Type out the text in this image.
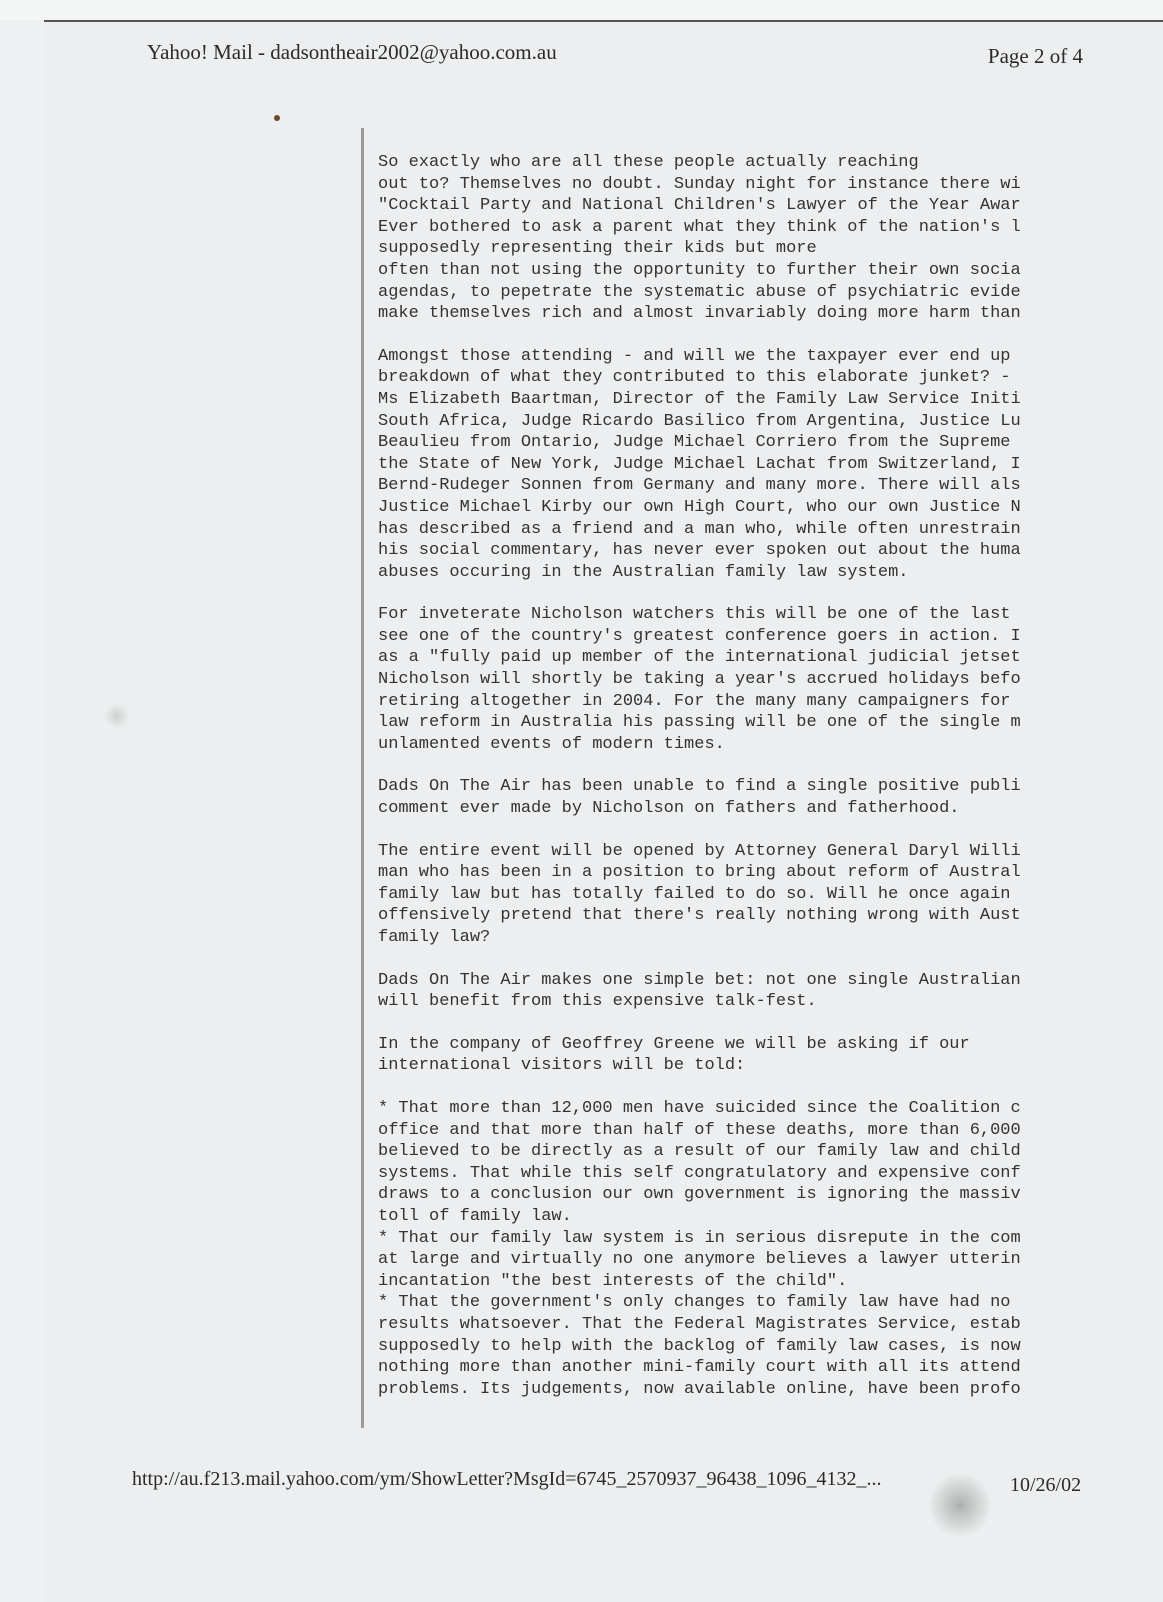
Yahoo! Mail - dadsontheair2002@yahoo.com.au	Page 2 of 4
So exactly who are all these people actually reaching
out to? Themselves no doubt. Sunday night for instance there wi
"Cocktail Party and National Children's Lawyer of the Year Awar
Ever bothered to ask a parent what they think of the nation's l
supposedly representing their kids but more
often than not using the opportunity to further their own socia
agendas, to pepetrate the systematic abuse of psychiatric evide
make themselves rich and almost invariably doing more harm than
Amongst those attending - and will we the taxpayer ever end up
breakdown of what they contributed to this elaborate junket? -
Ms Elizabeth Baartman, Director of the Family Law Service Initi
South Africa, Judge Ricardo Basilico from Argentina, Justice Lu
Beaulieu from Ontario, Judge Michael Corriero from the Supreme
the State of New York, Judge Michael Lachat from Switzerland, I
Bernd-Rudeger Sonnen from Germany and many more. There will als
Justice Michael Kirby our own High Court, who our own Justice N
has described as a friend and a man who, while often unrestrain
his social commentary, has never ever spoken out about the huma
abuses occuring in the Australian family law system.
For inveterate Nicholson watchers this will be one of the last
see one of the country's greatest conference goers in action. I
as a "fully paid up member of the international judicial jetset
Nicholson will shortly be taking a year's accrued holidays befo
retiring altogether in 2004. For the many many campaigners for
law reform in Australia his passing will be one of the single m
unlamented events of modern times.
Dads On The Air has been unable to find a single positive publi
comment ever made by Nicholson on fathers and fatherhood.
The entire event will be opened by Attorney General Daryl Willi
man who has been in a position to bring about reform of Austral
family law but has totally failed to do so. Will he once again
offensively pretend that there's really nothing wrong with Aust
family law?
Dads On The Air makes one simple bet: not one single Australian
will benefit from this expensive talk-fest.
In the company of Geoffrey Greene we will be asking if our
international visitors will be told:
* That more than 12,000 men have suicided since the Coalition c
office and that more than half of these deaths, more than 6,000
believed to be directly as a result of our family law and child
systems. That while this self congratulatory and expensive conf
draws to a conclusion our own government is ignoring the massiv
toll of family law.
* That our family law system is in serious disrepute in the com
at large and virtually no one anymore believes a lawyer utterin
incantation "the best interests of the child".
* That the government's only changes to family law have had no
results whatsoever. That the Federal Magistrates Service, estab
supposedly to help with the backlog of family law cases, is now
nothing more than another mini-family court with all its attend
problems. Its judgements, now available online, have been profo
http://au.f213.mail.yahoo.com/ym/ShowLetter?MsgId=6745_2570937_96438_1096_4132_...	10/26/02
